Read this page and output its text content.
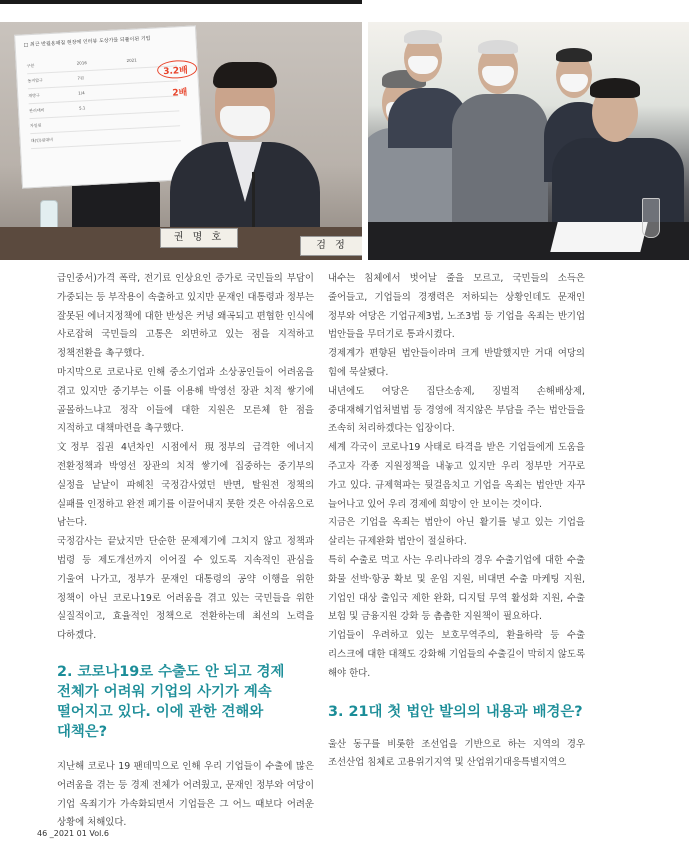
□ 최근 반월용해질 현장에 인터뷰 도상가를 되풀이된 기업
구분	2016	2021
동지압구	7원
개방구	1/4
관리대비	5.1
자일원
대(인)원대비
3.2배
2배
권 명 호
검 정

급인중서)가격 폭락, 전기료 인상요인 증가로 국민들의 부담이 가중되는 등 부작용이 속출하고 있지만 문재인 대통령과 정부는 잘못된 에너지정책에 대한 반성은 커녕 왜곡되고 편협한 인식에 사로잡혀 국민들의 고통은 외면하고 있는 점을 지적하고 정책전환을 촉구했다.

마지막으로 코로나로 인해 중소기업과 소상공인들이 어려움을 겪고 있지만 중기부는 이를 이용해 박영선 장관 치적 쌓기에 골몰하느냐고 정작 이들에 대한 지원은 모른체 한 점을 지적하고 대책마련을 촉구했다.

文정부 집권 4년차인 시점에서 現정부의 급격한 에너지 전환정책과 박영선 장관의 치적 쌓기에 집중하는 중기부의 실정을 낱낱이 파헤친 국정감사였던 반면, 탈원전 정책의 실패를 인정하고 완전 폐기를 이끌어내지 못한 것은 아쉬움으로 남는다.

국정감사는 끝났지만 단순한 문제제기에 그치지 않고 정책과 법령 등 제도개선까지 이어질 수 있도록 지속적인 관심을 기울여 나가고, 정부가 문재인 대통령의 공약 이행을 위한 정책이 아닌 코로나19로 어려움을 겪고 있는 국민들을 위한 실질적이고, 효율적인 정책으로 전환하는데 최선의 노력을 다하겠다.

2. 코로나19로 수출도 안 되고 경제 전체가 어려워 기업의 사기가 계속 떨어지고 있다. 이에 관한 견해와 대책은?

지난해 코로나 19 팬데믹으로 인해 우리 기업들이 수출에 많은 어려움을 겪는 등 경제 전체가 어려웠고, 문재인 정부와 여당이 기업 옥죄기가 가속화되면서 기업들은 그 어느 때보다 어려운 상황에 처해있다.

내수는 침체에서 벗어날 줄을 모르고, 국민들의 소득은 줄어들고, 기업들의 경쟁력은 저하되는 상황인데도 문재인 정부와 여당은 기업규제3법, 노조3법 등 기업을 옥죄는 반기업 법안들을 무더기로 통과시켰다.

경제계가 편향된 법안들이라며 크게 반발했지만 거대 여당의 힘에 묵살됐다.

내년에도 여당은 집단소송제, 징벌적 손해배상제, 중대재해기업처벌법 등 경영에 적지않은 부담을 주는 법안들을 조속히 처리하겠다는 입장이다.

세계 각국이 코로나19 사태로 타격을 받은 기업들에게 도움을 주고자 각종 지원정책을 내놓고 있지만 우리 정부만 거꾸로 가고 있다. 규제혁파는 뒷걸음치고 기업을 옥죄는 법안만 자꾸 늘어나고 있어 우리 경제에 희망이 안 보이는 것이다.

지금은 기업을 옥죄는 법안이 아닌 활기를 넣고 있는 기업을 살리는 규제완화 법안이 절실하다.

특히 수출로 먹고 사는 우리나라의 경우 수출기업에 대한 수출 화물 선박·항공 확보 및 운임 지원, 비대면 수출 마케팅 지원, 기업인 대상 출입국 제한 완화, 디지털 무역 활성화 지원, 수출 보험 및 금융지원 강화 등 촘촘한 지원책이 필요하다.

기업들이 우려하고 있는 보호무역주의, 환율하락 등 수출 리스크에 대한 대책도 강화해 기업들의 수출길이 막히지 않도록 해야 한다.

3. 21대 첫 법안 발의의 내용과 배경은?

울산 동구를 비롯한 조선업을 기반으로 하는 지역의 경우 조선산업 침체로 고용위기지역 및 산업위기대응특별지역으

46 _2021 01 Vol.6
